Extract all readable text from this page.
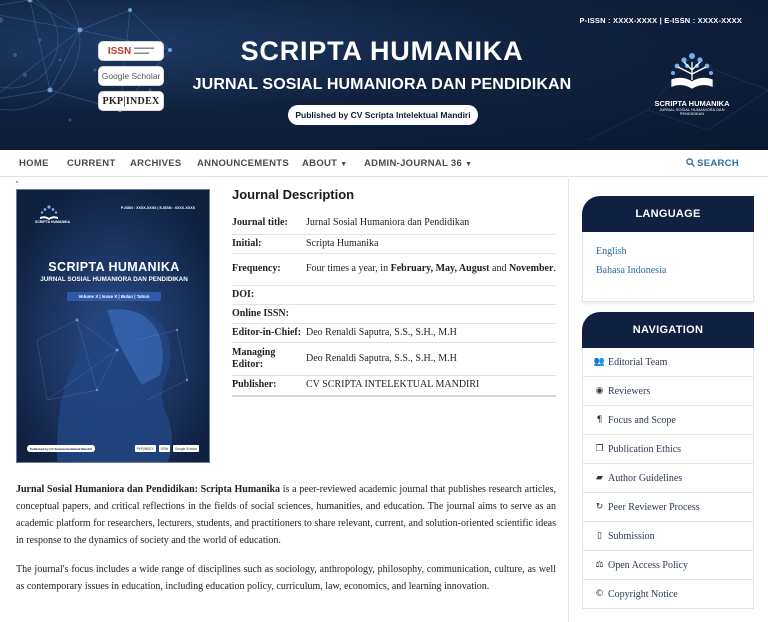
P-ISSN : XXXX-XXXX | E-ISSN : XXXX-XXXX
ISSN ▬▬▬▬
▬▬▬
Google Scholar
PKP|INDEX
SCRIPTA HUMANIKA
JURNAL SOSIAL HUMANIORA DAN PENDIDIKAN
Published by CV Scripta Intelektual Mandiri
SCRIPTA HUMANIKA
JURNAL SOSIAL HUMANIORA DAN PENDIDIKAN
HOME CURRENT ARCHIVES ANNOUNCEMENTS ABOUT ▼ ADMIN-JOURNAL 36 ▼	SEARCH
P-ISSN : XXXX-XXXX | E-ISSN : XXXX-XXXX
SCRIPTA HUMANIKA
SCRIPTA HUMANIKA
JURNAL SOSIAL HUMANIORA DAN PENDIDIKAN
Volume X | Issue X | Bulan | Tahun
Published by CV Scripta Intelektual Mandiri	PKP|INDEX	ISSN	Google Scholar
Journal Description
Journal title:	Jurnal Sosial Humaniora dan Pendidikan
Initial:	Scripta Humanika
Frequency:	Four times a year, in February, May, August and November.
DOI:	
Online ISSN:	
Editor-in-Chief:	Deo Renaldi Saputra, S.S., S.H., M.H
Managing Editor:	Deo Renaldi Saputra, S.S., S.H., M.H
Publisher:	CV SCRIPTA INTELEKTUAL MANDIRI

Jurnal Sosial Humaniora dan Pendidikan: Scripta Humanika is a peer-reviewed academic journal that publishes research articles, conceptual papers, and critical reflections in the fields of social sciences, humanities, and education. The journal aims to serve as an academic platform for researchers, lecturers, students, and practitioners to share relevant, current, and solution-oriented scientific ideas in response to the dynamics of society and the world of education.

The journal's focus includes a wide range of disciplines such as sociology, anthropology, philosophy, communication, culture, as well as contemporary issues in education, including education policy, curriculum, law, economics, and learning innovation.

LANGUAGE
English
Bahasa Indonesia
NAVIGATION
👥 Editorial Team
◉ Reviewers
¶ Focus and Scope
❐ Publication Ethics
▰ Author Guidelines
↻ Peer Reviewer Process
▯ Submission
⚖ Open Access Policy
© Copyright Notice
